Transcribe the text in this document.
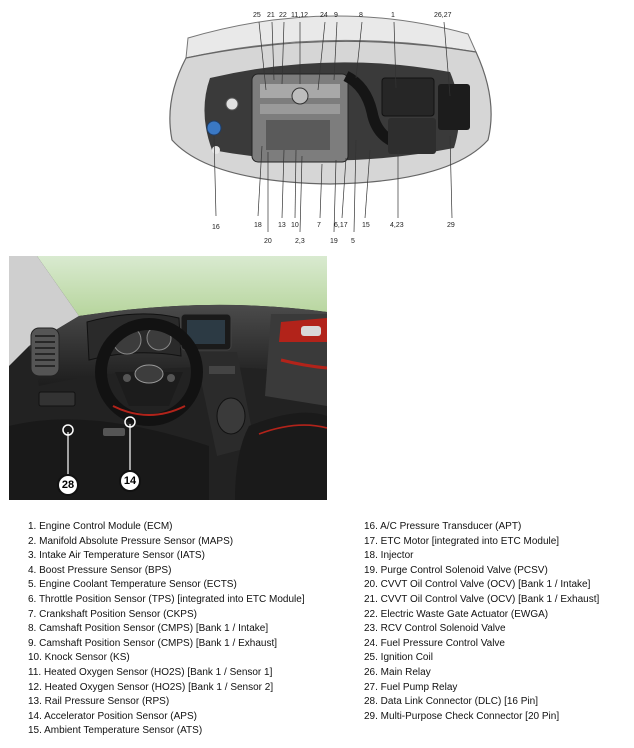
25 21 22 11,12 24 9	8	1	26,27
16	18
20
13 10
2,3
7
19
6,17
5
15	4,23	29
28	14
1. Engine Control Module (ECM)
2. Manifold Absolute Pressure Sensor (MAPS)
3. Intake Air Temperature Sensor (IATS)
4. Boost Pressure Sensor (BPS)
5. Engine Coolant Temperature Sensor (ECTS)
6. Throttle Position Sensor (TPS) [integrated into ETC Module]
7. Crankshaft Position Sensor (CKPS)
8. Camshaft Position Sensor (CMPS) [Bank 1 / Intake]
9. Camshaft Position Sensor (CMPS) [Bank 1 / Exhaust]
10. Knock Sensor (KS)
11. Heated Oxygen Sensor (HO2S) [Bank 1 / Sensor 1]
12. Heated Oxygen Sensor (HO2S) [Bank 1 / Sensor 2]
13. Rail Pressure Sensor (RPS)
14. Accelerator Position Sensor (APS)
15. Ambient Temperature Sensor (ATS)
16. A/C Pressure Transducer (APT)
17. ETC Motor [integrated into ETC Module]
18. Injector
19. Purge Control Solenoid Valve (PCSV)
20. CVVT Oil Control Valve (OCV) [Bank 1 / Intake]
21. CVVT Oil Control Valve (OCV) [Bank 1 / Exhaust]
22. Electric Waste Gate Actuator (EWGA)
23. RCV Control Solenoid Valve
24. Fuel Pressure Control Valve
25. Ignition Coil
26. Main Relay
27. Fuel Pump Relay
28. Data Link Connector (DLC) [16 Pin]
29. Multi-Purpose Check Connector [20 Pin]
